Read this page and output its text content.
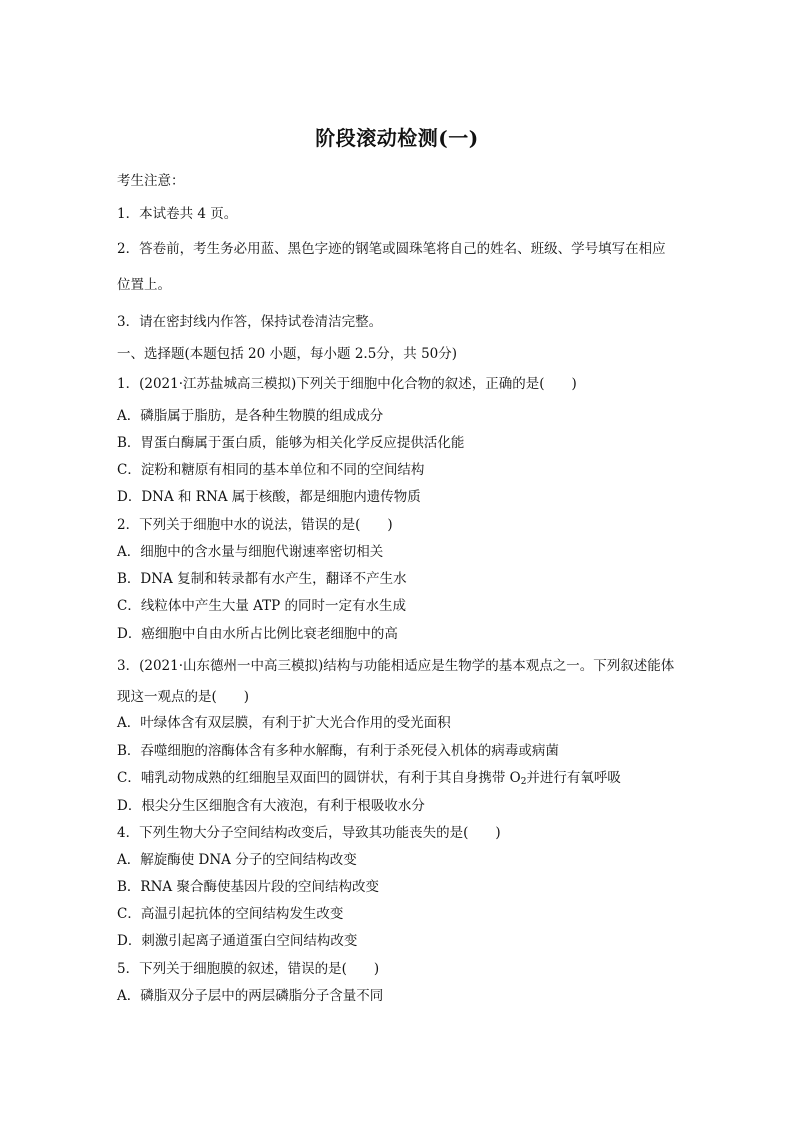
阶段滚动检测(一)
考生注意：
1．本试卷共 4 页。
2．答卷前，考生务必用蓝、黑色字迹的钢笔或圆珠笔将自己的姓名、班级、学号填写在相应
位置上。
3．请在密封线内作答，保持试卷清洁完整。
一、选择题(本题包括 20 小题，每小题 2.5分，共 50分)
1．(2021·江苏盐城高三模拟)下列关于细胞中化合物的叙述，正确的是(　　)
A．磷脂属于脂肪，是各种生物膜的组成成分
B．胃蛋白酶属于蛋白质，能够为相关化学反应提供活化能
C．淀粉和糖原有相同的基本单位和不同的空间结构
D．DNA 和 RNA 属于核酸，都是细胞内遗传物质
2．下列关于细胞中水的说法，错误的是(　　)
A．细胞中的含水量与细胞代谢速率密切相关
B．DNA 复制和转录都有水产生，翻译不产生水
C．线粒体中产生大量 ATP 的同时一定有水生成
D．癌细胞中自由水所占比例比衰老细胞中的高
3．(2021·山东德州一中高三模拟)结构与功能相适应是生物学的基本观点之一。下列叙述能体
现这一观点的是(　　)
A．叶绿体含有双层膜，有利于扩大光合作用的受光面积
B．吞噬细胞的溶酶体含有多种水解酶，有利于杀死侵入机体的病毒或病菌
C．哺乳动物成熟的红细胞呈双面凹的圆饼状，有利于其自身携带 $O_2$并进行有氧呼吸
D．根尖分生区细胞含有大液泡，有利于根吸收水分
4．下列生物大分子空间结构改变后，导致其功能丧失的是(　　)
A．解旋酶使 DNA 分子的空间结构改变
B．RNA 聚合酶使基因片段的空间结构改变
C．高温引起抗体的空间结构发生改变
D．刺激引起离子通道蛋白空间结构改变
5．下列关于细胞膜的叙述，错误的是(　　)
A．磷脂双分子层中的两层磷脂分子含量不同
